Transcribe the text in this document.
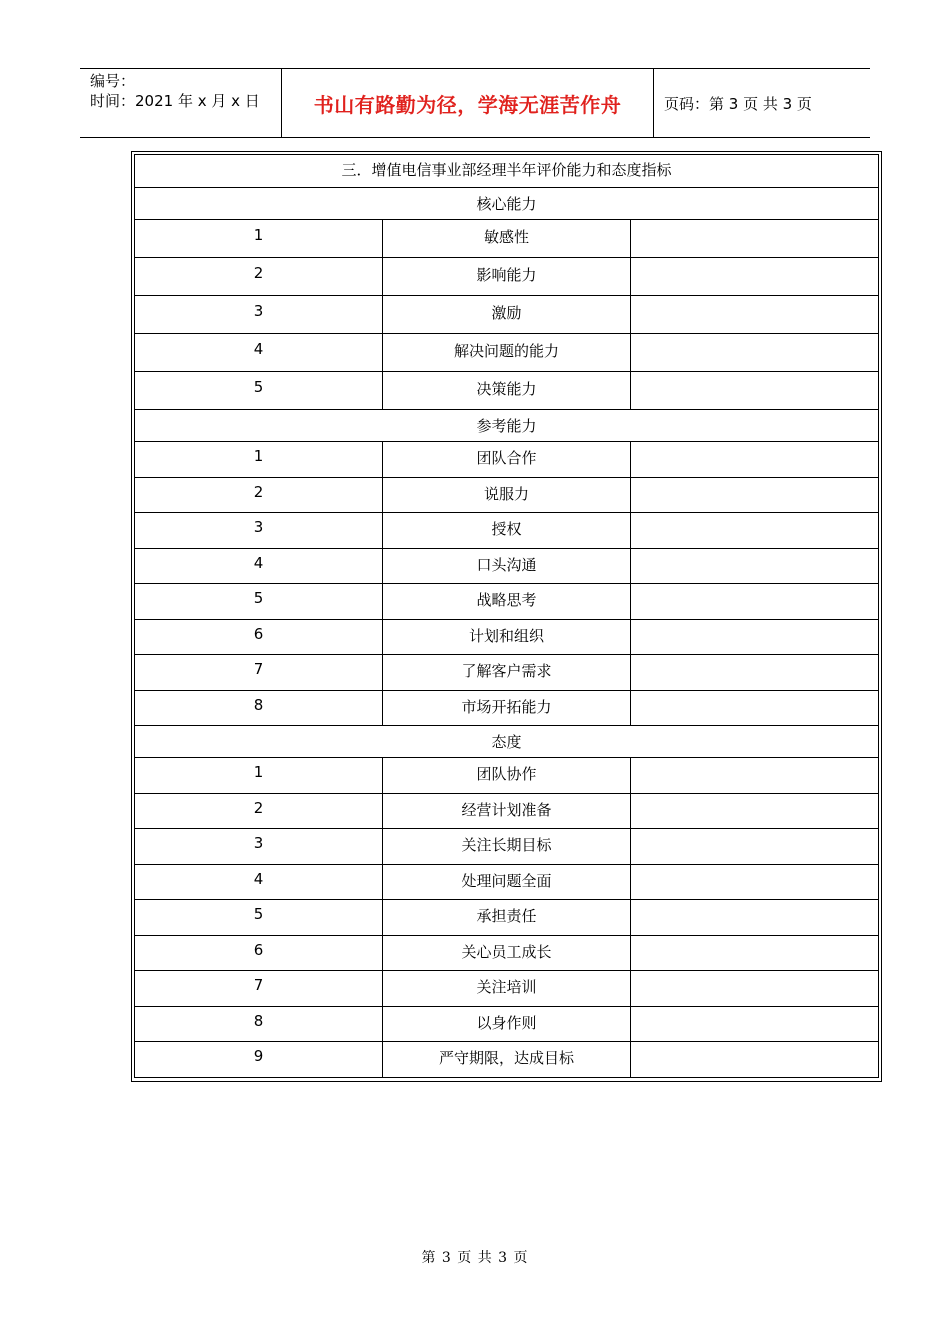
编号：
时间：2021 年 x 月 x 日	书山有路勤为径，学海无涯苦作舟	页码：第 3 页 共 3 页
三．增值电信事业部经理半年评价能力和态度指标		
核心能力		
1	敏感性	
2	影响能力	
3	激励	
4	解决问题的能力	
5	决策能力	
参考能力		
1	团队合作	
2	说服力	
3	授权	
4	口头沟通	
5	战略思考	
6	计划和组织	
7	了解客户需求	
8	市场开拓能力	
态度		
1	团队协作	
2	经营计划准备	
3	关注长期目标	
4	处理问题全面	
5	承担责任	
6	关心员工成长	
7	关注培训	
8	以身作则	
9	严守期限，达成目标	
第 3 页 共 3 页
